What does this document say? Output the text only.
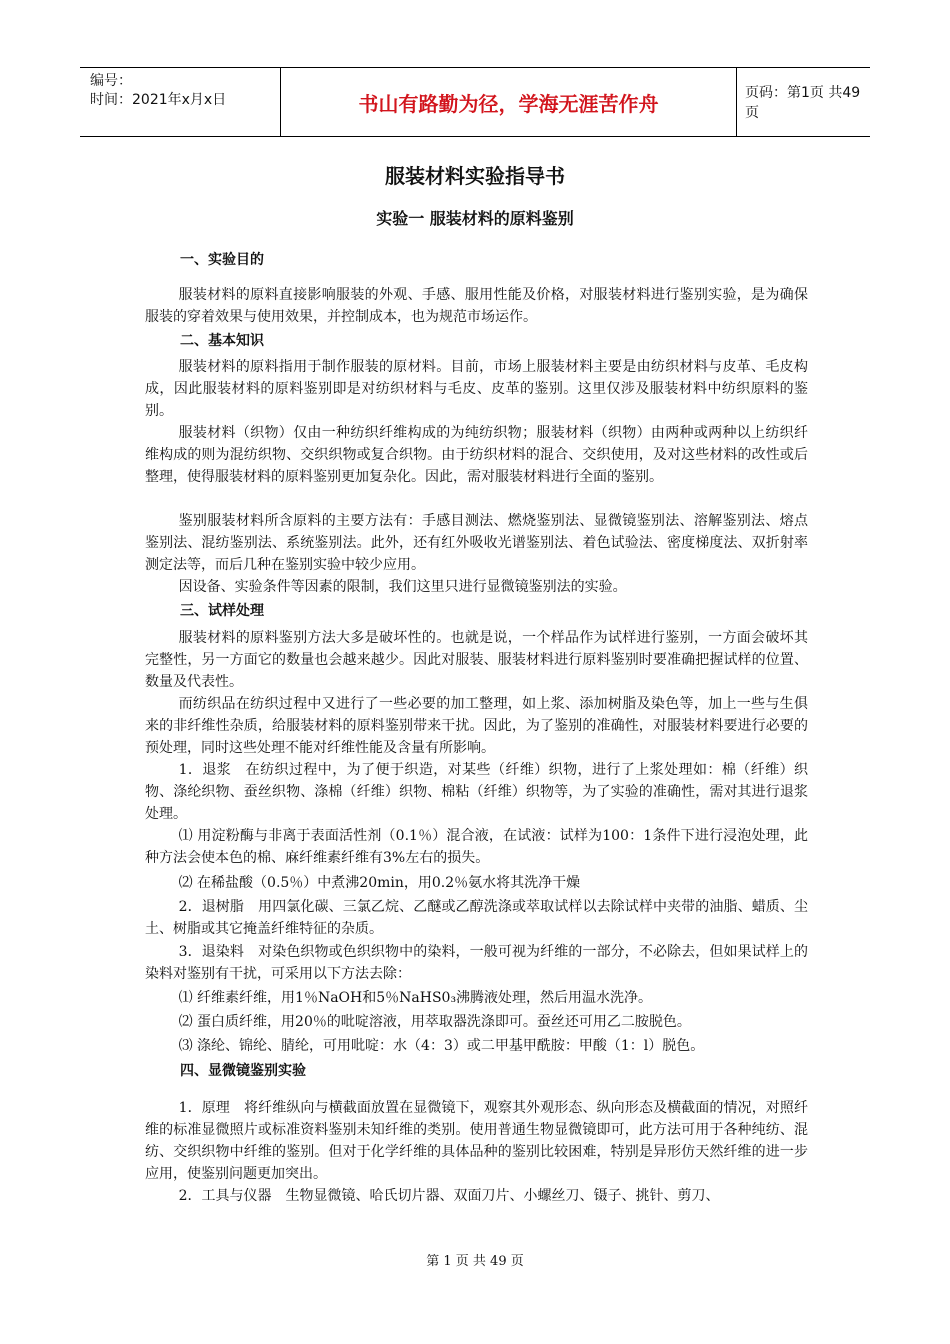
编号：
时间：2021年x月x日	书山有路勤为径，学海无涯苦作舟	页码：第1页 共49页
服装材料实验指导书
实验一 服装材料的原料鉴别
一、实验目的
服装材料的原料直接影响服装的外观、手感、服用性能及价格，对服装材料进行鉴别实验，是为确保服装的穿着效果与使用效果，并控制成本，也为规范市场运作。
二、基本知识
服装材料的原料指用于制作服装的原材料。目前，市场上服装材料主要是由纺织材料与皮革、毛皮构成，因此服装材料的原料鉴别即是对纺织材料与毛皮、皮革的鉴别。这里仅涉及服装材料中纺织原料的鉴别。
服装材料（织物）仅由一种纺织纤维构成的为纯纺织物；服装材料（织物）由两种或两种以上纺织纤维构成的则为混纺织物、交织织物或复合织物。由于纺织材料的混合、交织使用，及对这些材料的改性或后整理，使得服装材料的原料鉴别更加复杂化。因此，需对服装材料进行全面的鉴别。
鉴别服装材料所含原料的主要方法有：手感目测法、燃烧鉴别法、显微镜鉴别法、溶解鉴别法、熔点鉴别法、混纺鉴别法、系统鉴别法。此外，还有红外吸收光谱鉴别法、着色试验法、密度梯度法、双折射率测定法等，而后几种在鉴别实验中较少应用。
因设备、实验条件等因素的限制，我们这里只进行显微镜鉴别法的实验。
三、试样处理
服装材料的原料鉴别方法大多是破坏性的。也就是说，一个样品作为试样进行鉴别，一方面会破坏其完整性，另一方面它的数量也会越来越少。因此对服装、服装材料进行原料鉴别时要准确把握试样的位置、数量及代表性。
而纺织品在纺织过程中又进行了一些必要的加工整理，如上浆、添加树脂及染色等，加上一些与生俱来的非纤维性杂质，给服装材料的原料鉴别带来干扰。因此，为了鉴别的准确性，对服装材料要进行必要的预处理，同时这些处理不能对纤维性能及含量有所影响。
1．退浆　在纺织过程中，为了便于织造，对某些（纤维）织物，进行了上浆处理如：棉（纤维）织物、涤纶织物、蚕丝织物、涤棉（纤维）织物、棉粘（纤维）织物等，为了实验的准确性，需对其进行退浆处理。
⑴ 用淀粉酶与非离于表面活性剂（0.1％）混合液，在试液：试样为100：1条件下进行浸泡处理，此种方法会使本色的棉、麻纤维素纤维有3%左右的损失。
⑵ 在稀盐酸（0.5％）中煮沸20min，用0.2％氨水将其洗净干燥
2．退树脂　用四氯化碳、三氯乙烷、乙醚或乙醇洗涤或萃取试样以去除试样中夹带的油脂、蜡质、尘土、树脂或其它掩盖纤维特征的杂质。
3．退染料　对染色织物或色织织物中的染料，一般可视为纤维的一部分，不必除去，但如果试样上的染料对鉴别有干扰，可采用以下方法去除：
⑴ 纤维素纤维，用1％NaOH和5％NaHS0₃沸腾液处理，然后用温水洗净。
⑵ 蛋白质纤维，用20％的吡啶溶液，用萃取器洗涤即可。蚕丝还可用乙二胺脱色。
⑶ 涤纶、锦纶、腈纶，可用吡啶：水（4：3）或二甲基甲酰胺：甲酸（1：l）脱色。
四、显微镜鉴别实验
1．原理　将纤维纵向与横截面放置在显微镜下，观察其外观形态、纵向形态及横截面的情况，对照纤维的标准显微照片或标准资料鉴别未知纤维的类别。使用普通生物显微镜即可，此方法可用于各种纯纺、混纺、交织织物中纤维的鉴别。但对于化学纤维的具体品种的鉴别比较困难，特别是异形仿天然纤维的进一步应用，使鉴别问题更加突出。
2．工具与仪器　生物显微镜、哈氏切片器、双面刀片、小螺丝刀、镊子、挑针、剪刀、
第 1 页 共 49 页
